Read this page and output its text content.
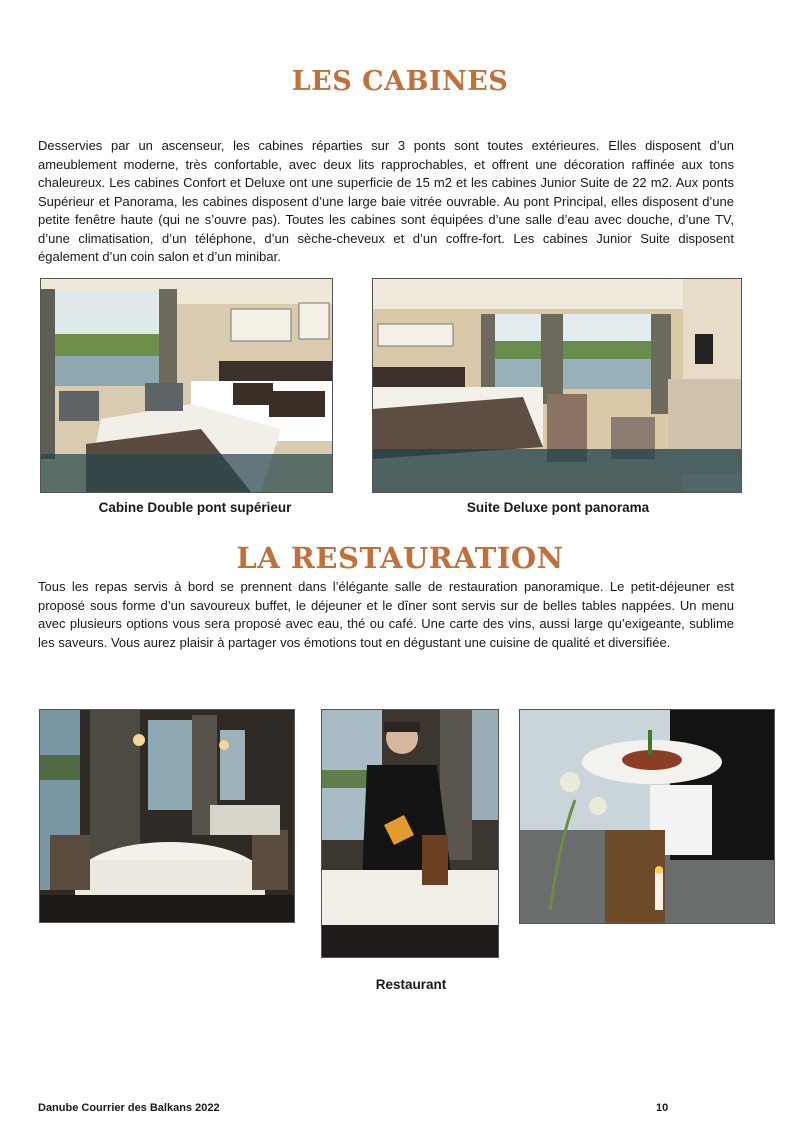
LES CABINES

Desservies par un ascenseur, les cabines réparties sur 3 ponts sont toutes extérieures. Elles disposent d’un ameublement moderne, très confortable, avec deux lits rapprochables, et offrent une décoration raffinée aux tons chaleureux. Les cabines Confort et Deluxe ont une superficie de 15 m2 et les cabines Junior Suite de 22 m2. Aux ponts Supérieur et Panorama, les cabines disposent d’une large baie vitrée ouvrable. Au pont Principal, elles disposent d’une petite fenêtre haute (qui ne s’ouvre pas). Toutes les cabines sont équipées d’une salle d’eau avec douche, d’une TV, d’une climatisation, d’un téléphone, d’un sèche-cheveux et d’un coffre-fort. Les cabines Junior Suite disposent également d’un coin salon et d’un minibar.

Cabine Double pont supérieur	Suite Deluxe pont panorama

LA RESTAURATION

Tous les repas servis à bord se prennent dans l’élégante salle de restauration panoramique. Le petit-déjeuner est proposé sous forme d’un savoureux buffet, le déjeuner et le dîner sont servis sur de belles tables nappées. Un menu avec plusieurs options vous sera proposé avec eau, thé ou café. Une carte des vins, aussi large qu’exigeante, sublime les saveurs. Vous aurez plaisir à partager vos émotions tout en dégustant une cuisine de qualité et diversifiée.

Restaurant

Danube Courrier des Balkans 2022	10
